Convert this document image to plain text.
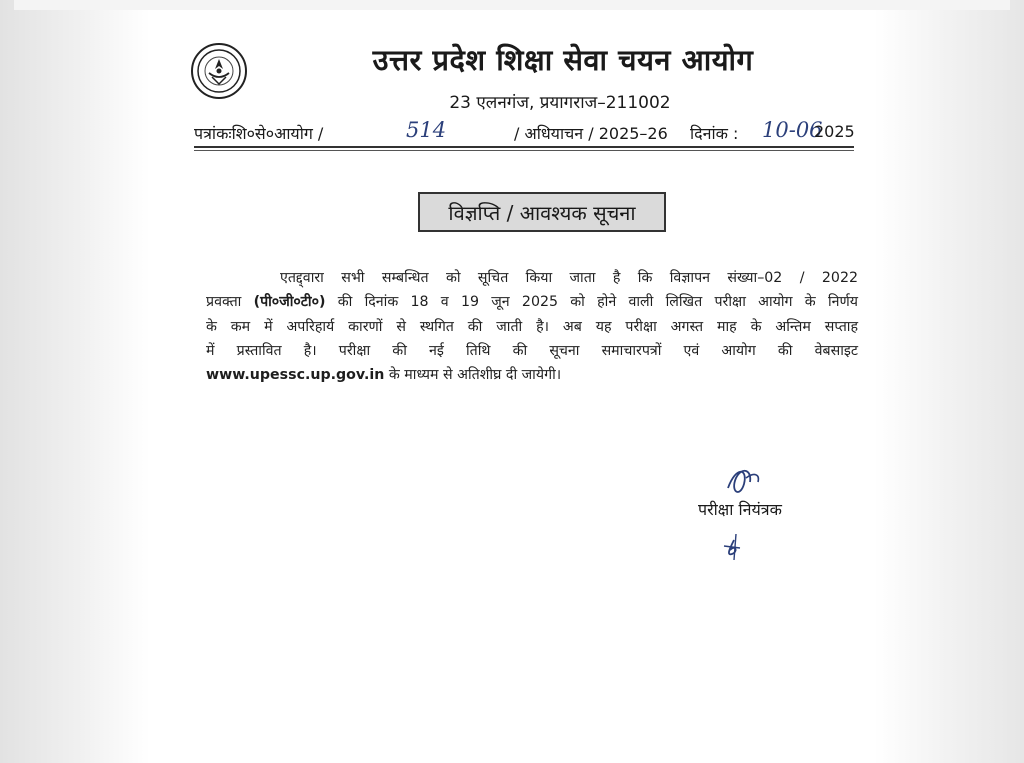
उत्तर प्रदेश शिक्षा सेवा चयन आयोग
23 एलनगंज, प्रयागराज–211002
पत्रांकःशि०से०आयोग /	514	/ अधियाचन / 2025–26 दिनांक : 10-06
2025
विज्ञप्ति / आवश्यक सूचना
एतद्द्वारा सभी सम्बन्धित को सूचित किया जाता है कि विज्ञापन संख्या–02 / 2022
प्रवक्ता (पी०जी०टी०) की दिनांक 18 व 19 जून 2025 को होने वाली लिखित परीक्षा आयोग के निर्णय
के कम में अपरिहार्य कारणों से स्थगित की जाती है। अब यह परीक्षा अगस्त माह के अन्तिम सप्ताह
में प्रस्तावित है। परीक्षा की नई तिथि की सूचना समाचारपत्रों एवं आयोग की वेबसाइट
www.upessc.up.gov.in के माध्यम से अतिशीघ्र दी जायेगी।
परीक्षा नियंत्रक
